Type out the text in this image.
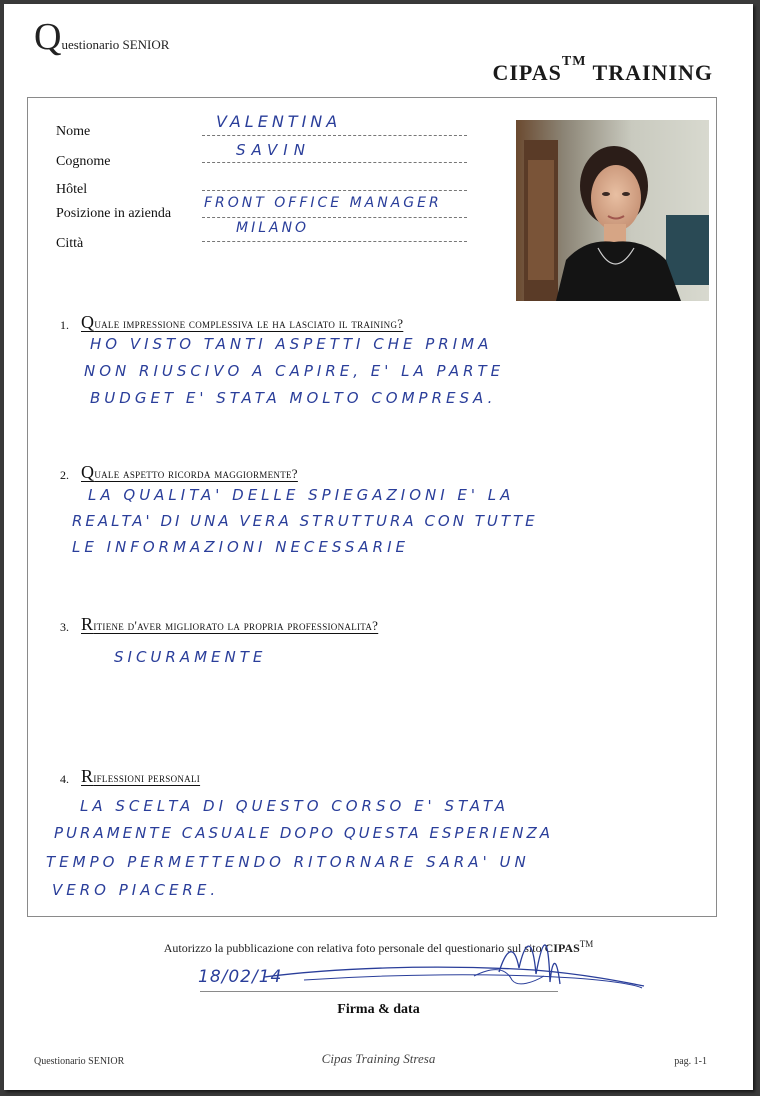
Questionario SENIOR
CIPAS™ TRAINING
Nome
VALENTINA
Cognome
SAVIN
Hôtel
Posizione in azienda
FRONT OFFICE MANAGER
Città
MILANO
1. Quale impressione complessiva le ha lasciato il training?
HO VISTO TANTI ASPETTI CHE PRIMA
NON RIUSCIVO A CAPIRE, E' LA PARTE
BUDGET E' STATA MOLTO COMPRESA.
2. Quale aspetto ricorda maggiormente?
LA QUALITA' DELLE SPIEGAZIONI E' LA
REALTA' DI UNA VERA STRUTTURA CON TUTTE
LE INFORMAZIONI NECESSARIE
3. Ritiene d'aver migliorato la propria professionalita?
SICURAMENTE
4. Riflessioni personali
LA SCELTA DI QUESTO CORSO E' STATA
PURAMENTE CASUALE DOPO QUESTA ESPERIENZA
TEMPO PERMETTENDO RITORNARE SARA' UN
VERO PIACERE.
Autorizzo la pubblicazione con relativa foto personale del questionario sul sito CIPAS™
18/02/14
Firma & data
Questionario SENIOR	Cipas Training Stresa	pag. 1-1
